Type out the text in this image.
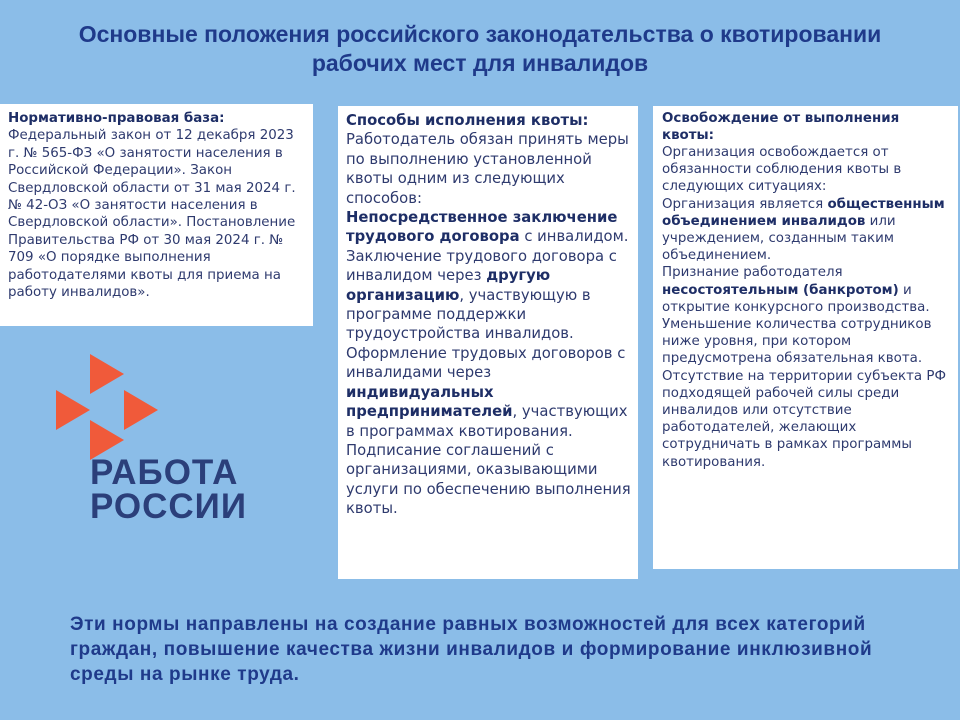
Основные положения российского законодательства о квотировании рабочих мест для инвалидов
Нормативно-правовая база:
Федеральный закон от 12 декабря 2023 г. № 565-ФЗ «О занятости населения в Российской Федерации». Закон Свердловской области от 31 мая 2024 г. № 42-ОЗ «О занятости населения в Свердловской области». Постановление Правительства РФ от 30 мая 2024 г. № 709 «О порядке выполнения работодателями квоты для приема на работу инвалидов».
Способы исполнения квоты:
Работодатель обязан принять меры по выполнению установленной квоты одним из следующих способов:
Непосредственное заключение трудового договора с инвалидом.
Заключение трудового договора с инвалидом через другую организацию, участвующую в программе поддержки трудоустройства инвалидов.
Оформление трудовых договоров с инвалидами через индивидуальных предпринимателей, участвующих в программах квотирования.
Подписание соглашений с организациями, оказывающими услуги по обеспечению выполнения квоты.
Освобождение от выполнения квоты:
Организация освобождается от обязанности соблюдения квоты в следующих ситуациях:
Организация является общественным объединением инвалидов или учреждением, созданным таким объединением.
Признание работодателя несостоятельным (банкротом) и открытие конкурсного производства.
Уменьшение количества сотрудников ниже уровня, при котором предусмотрена обязательная квота.
Отсутствие на территории субъекта РФ подходящей рабочей силы среди инвалидов или отсутствие работодателей, желающих сотрудничать в рамках программы квотирования.
РАБОТА
РОССИИ
Эти нормы направлены на создание равных возможностей для всех категорий граждан, повышение качества жизни инвалидов и формирование инклюзивной среды на рынке труда.
